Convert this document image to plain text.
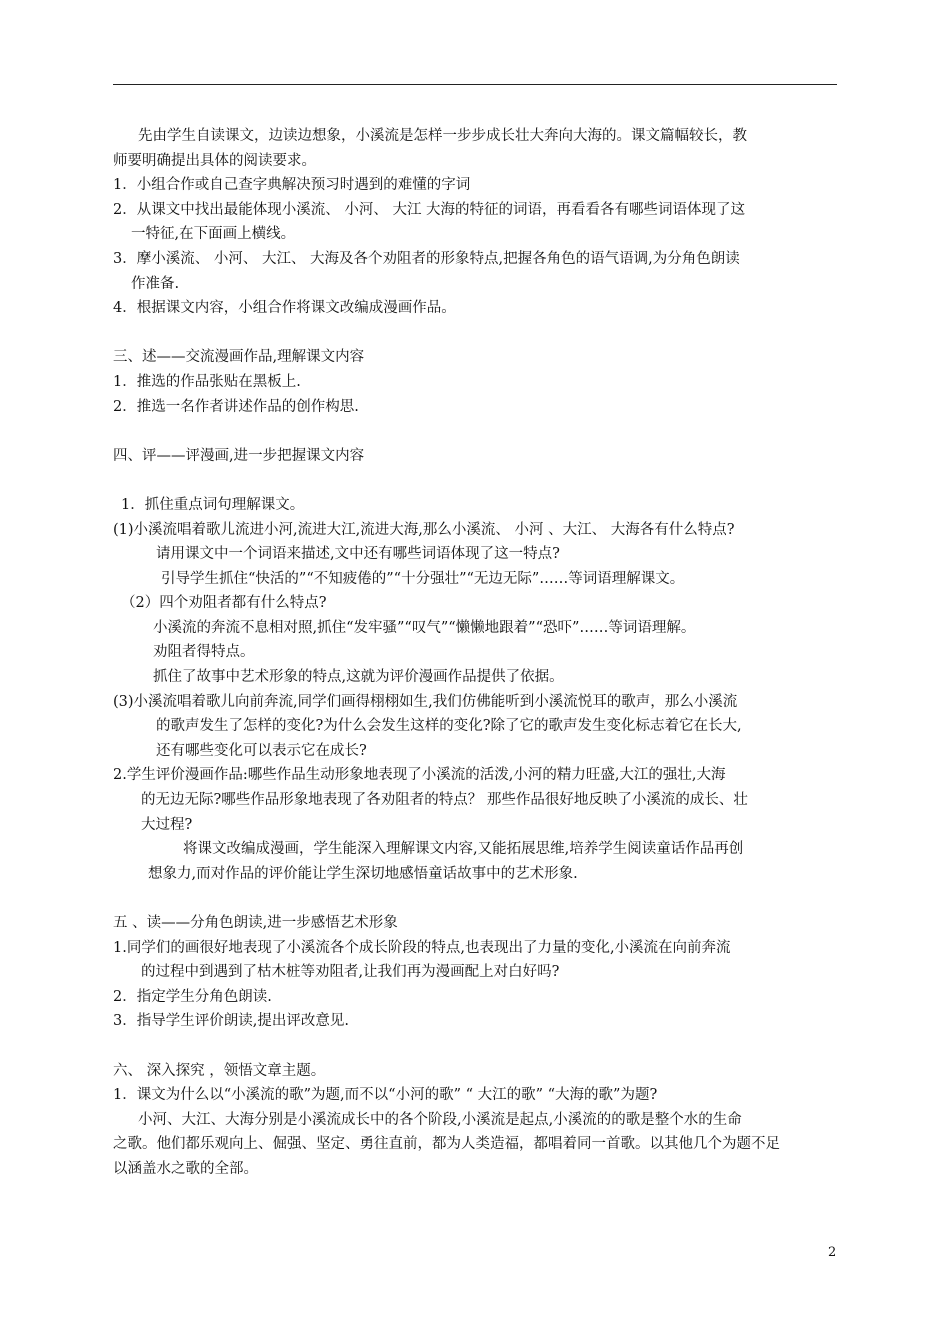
先由学生自读课文，边读边想象，小溪流是怎样一步步成长壮大奔向大海的。课文篇幅较长，教
师要明确提出具体的阅读要求。
1．小组合作或自己查字典解决预习时遇到的难懂的字词
2．从课文中找出最能体现小溪流、 小河、 大江 大海的特征的词语，再看看各有哪些词语体现了这
一特征,在下面画上横线。
3．摩小溪流、 小河、 大江、 大海及各个劝阻者的形象特点,把握各角色的语气语调,为分角色朗读
作准备.
4．根据课文内容，小组合作将课文改编成漫画作品。
三、述——交流漫画作品,理解课文内容
1．推选的作品张贴在黑板上.
2．推选一名作者讲述作品的创作构思.
四、评——评漫画,进一步把握课文内容
1．抓住重点词句理解课文。
(1)小溪流唱着歌儿流进小河,流进大江,流进大海,那么小溪流、 小河 、大江、 大海各有什么特点?
请用课文中一个词语来描述,文中还有哪些词语体现了这一特点?
引导学生抓住“快活的”“不知疲倦的”“十分强壮”“无边无际”……等词语理解课文。
（2）四个劝阻者都有什么特点?
小溪流的奔流不息相对照,抓住“发牢骚”“叹气”“懒懒地跟着”“恐吓”……等词语理解。
劝阻者得特点。
抓住了故事中艺术形象的特点,这就为评价漫画作品提供了依据。
(3)小溪流唱着歌儿向前奔流,同学们画得栩栩如生,我们仿佛能听到小溪流悦耳的歌声，那么小溪流
的歌声发生了怎样的变化?为什么会发生这样的变化?除了它的歌声发生变化标志着它在长大,
还有哪些变化可以表示它在成长?
2.学生评价漫画作品:哪些作品生动形象地表现了小溪流的活泼,小河的精力旺盛,大江的强壮,大海
的无边无际?哪些作品形象地表现了各劝阻者的特点？ 那些作品很好地反映了小溪流的成长、壮
大过程?
将课文改编成漫画，学生能深入理解课文内容,又能拓展思维,培养学生阅读童话作品再创
想象力,而对作品的评价能让学生深切地感悟童话故事中的艺术形象.
五 、读——分角色朗读,进一步感悟艺术形象
1.同学们的画很好地表现了小溪流各个成长阶段的特点,也表现出了力量的变化,小溪流在向前奔流
的过程中到遇到了枯木桩等劝阻者,让我们再为漫画配上对白好吗?
2．指定学生分角色朗读.
3．指导学生评价朗读,提出评改意见.
六、 深入探究 ，领悟文章主题。
1．课文为什么以“小溪流的歌”为题,而不以“小河的歌” “ 大江的歌” “大海的歌”为题?
小河、大江、大海分别是小溪流成长中的各个阶段,小溪流是起点,小溪流的的歌是整个水的生命
之歌。他们都乐观向上、倔强、坚定、勇往直前，都为人类造福，都唱着同一首歌。以其他几个为题不足
以涵盖水之歌的全部。
2
